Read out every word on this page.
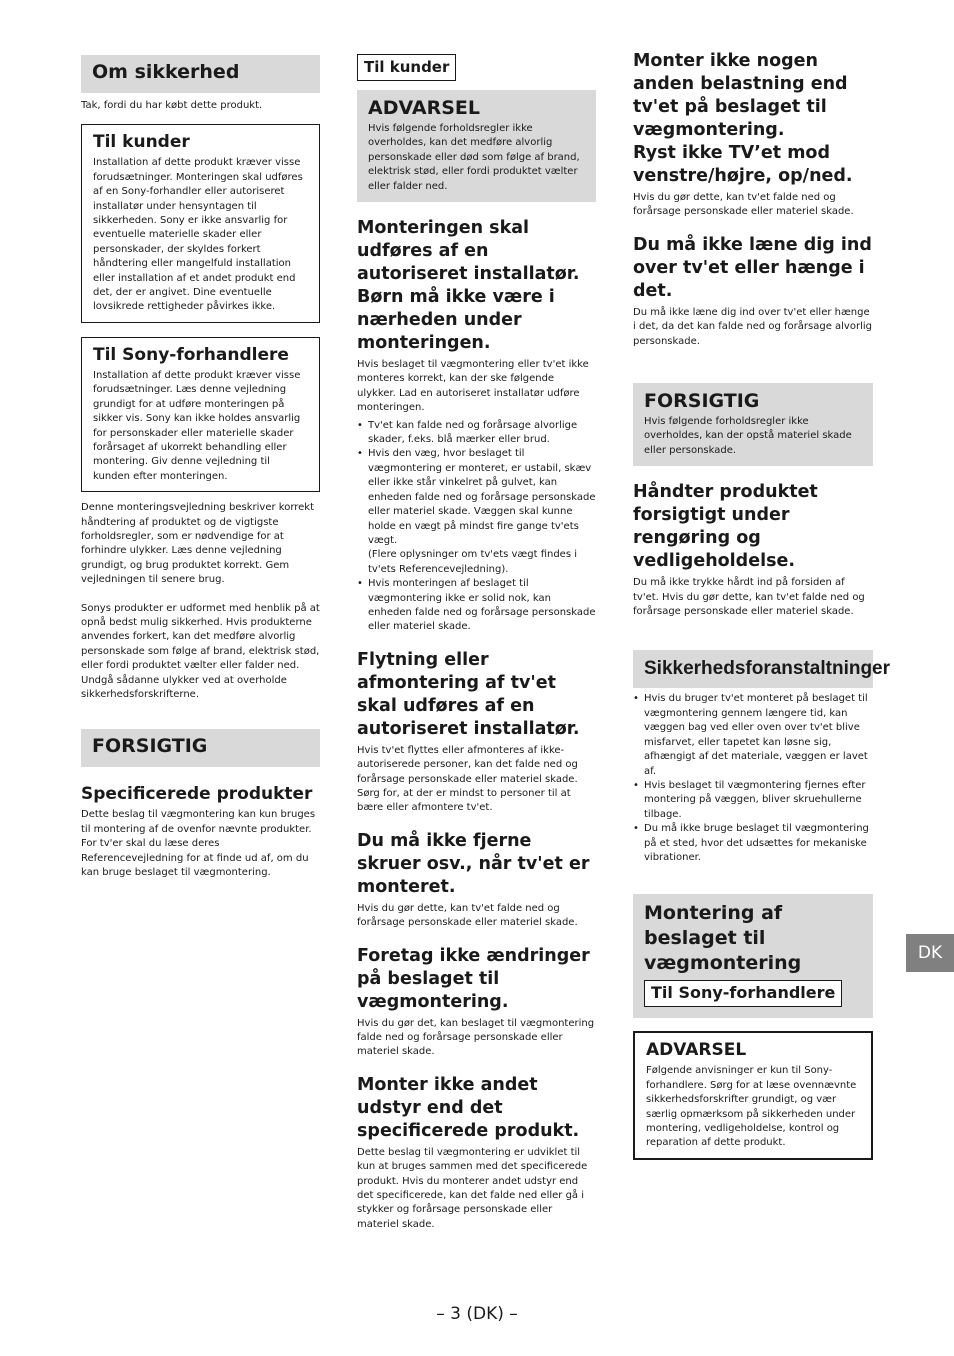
Om sikkerhed
Tak, fordi du har købt dette produkt.
Til kunder
Installation af dette produkt kræver visse forudsætninger. Monteringen skal udføres af en Sony-forhandler eller autoriseret installatør under hensyntagen til sikkerheden. Sony er ikke ansvarlig for eventuelle materielle skader eller personskader, der skyldes forkert håndtering eller mangelfuld installation eller installation af et andet produkt end det, der er angivet. Dine eventuelle lovsikrede rettigheder påvirkes ikke.
Til Sony-forhandlere
Installation af dette produkt kræver visse forudsætninger. Læs denne vejledning grundigt for at udføre monteringen på sikker vis. Sony kan ikke holdes ansvarlig for personskader eller materielle skader forårsaget af ukorrekt behandling eller montering. Giv denne vejledning til kunden efter monteringen.
Denne monteringsvejledning beskriver korrekt håndtering af produktet og de vigtigste forholdsregler, som er nødvendige for at forhindre ulykker. Læs denne vejledning grundigt, og brug produktet korrekt. Gem vejledningen til senere brug.
Sonys produkter er udformet med henblik på at opnå bedst mulig sikkerhed. Hvis produkterne anvendes forkert, kan det medføre alvorlig personskade som følge af brand, elektrisk stød, eller fordi produktet vælter eller falder ned. Undgå sådanne ulykker ved at overholde sikkerhedsforskrifterne.
FORSIGTIG
Specificerede produkter
Dette beslag til vægmontering kan kun bruges til montering af de ovenfor nævnte produkter. For tv'er skal du læse deres Referencevejledning for at finde ud af, om du kan bruge beslaget til vægmontering.
Til kunder
ADVARSEL
Hvis følgende forholdsregler ikke overholdes, kan det medføre alvorlig personskade eller død som følge af brand, elektrisk stød, eller fordi produktet vælter eller falder ned.
Monteringen skal udføres af en autoriseret installatør. Børn må ikke være i nærheden under monteringen.
Hvis beslaget til vægmontering eller tv'et ikke monteres korrekt, kan der ske følgende ulykker. Lad en autoriseret installatør udføre monteringen.
• Tv'et kan falde ned og forårsage alvorlige skader, f.eks. blå mærker eller brud.
• Hvis den væg, hvor beslaget til vægmontering er monteret, er ustabil, skæv eller ikke står vinkelret på gulvet, kan enheden falde ned og forårsage personskade eller materiel skade. Væggen skal kunne holde en vægt på mindst fire gange tv'ets vægt.
(Flere oplysninger om tv'ets vægt findes i tv'ets Referencevejledning).
• Hvis monteringen af beslaget til vægmontering ikke er solid nok, kan enheden falde ned og forårsage personskade eller materiel skade.
Flytning eller afmontering af tv'et skal udføres af en autoriseret installatør.
Hvis tv'et flyttes eller afmonteres af ikke-autoriserede personer, kan det falde ned og forårsage personskade eller materiel skade. Sørg for, at der er mindst to personer til at bære eller afmontere tv'et.
Du må ikke fjerne skruer osv., når tv'et er monteret.
Hvis du gør dette, kan tv'et falde ned og forårsage personskade eller materiel skade.
Foretag ikke ændringer på beslaget til vægmontering.
Hvis du gør det, kan beslaget til vægmontering falde ned og forårsage personskade eller materiel skade.
Monter ikke andet udstyr end det specificerede produkt.
Dette beslag til vægmontering er udviklet til kun at bruges sammen med det specificerede produkt. Hvis du monterer andet udstyr end det specificerede, kan det falde ned eller gå i stykker og forårsage personskade eller materiel skade.
Monter ikke nogen anden belastning end tv'et på beslaget til vægmontering.
Ryst ikke TV’et mod venstre/højre, op/ned.
Hvis du gør dette, kan tv'et falde ned og forårsage personskade eller materiel skade.
Du må ikke læne dig ind over tv'et eller hænge i det.
Du må ikke læne dig ind over tv'et eller hænge i det, da det kan falde ned og forårsage alvorlig personskade.
FORSIGTIG
Hvis følgende forholdsregler ikke overholdes, kan der opstå materiel skade eller personskade.
Håndter produktet forsigtigt under rengøring og vedligeholdelse.
Du må ikke trykke hårdt ind på forsiden af tv'et. Hvis du gør dette, kan tv'et falde ned og forårsage personskade eller materiel skade.
Sikkerhedsforanstaltninger
• Hvis du bruger tv'et monteret på beslaget til vægmontering gennem længere tid, kan væggen bag ved eller oven over tv'et blive misfarvet, eller tapetet kan løsne sig, afhængigt af det materiale, væggen er lavet af.
• Hvis beslaget til vægmontering fjernes efter montering på væggen, bliver skruehullerne tilbage.
• Du må ikke bruge beslaget til vægmontering på et sted, hvor det udsættes for mekaniske vibrationer.
Montering af beslaget til vægmontering
Til Sony-forhandlere
ADVARSEL
Følgende anvisninger er kun til Sony-forhandlere. Sørg for at læse ovennævnte sikkerhedsforskrifter grundigt, og vær særlig opmærksom på sikkerheden under montering, vedligeholdelse, kontrol og reparation af dette produkt.
DK
– 3 (DK) –
